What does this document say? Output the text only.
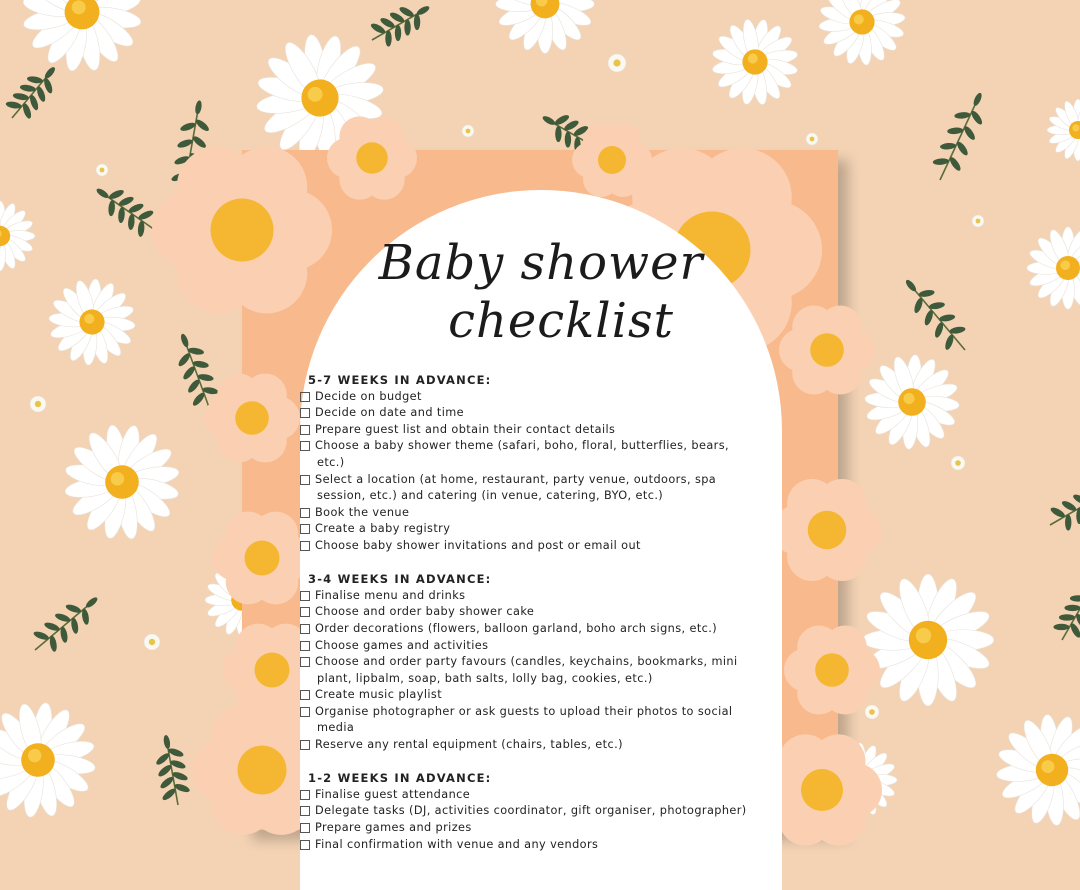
Baby shower
checklist
5-7 WEEKS IN ADVANCE:
Decide on budget
Decide on date and time
Prepare guest list and obtain their contact details
Choose a baby shower theme (safari, boho, floral, butterflies, bears, etc.)
Select a location (at home, restaurant, party venue, outdoors, spa session, etc.) and catering (in venue, catering, BYO, etc.)
Book the venue
Create a baby registry
Choose baby shower invitations and post or email out
3-4 WEEKS IN ADVANCE:
Finalise menu and drinks
Choose and order baby shower cake
Order decorations (flowers, balloon garland, boho arch signs, etc.)
Choose games and activities
Choose and order party favours (candles, keychains, bookmarks, mini plant, lipbalm, soap, bath salts, lolly bag, cookies, etc.)
Create music playlist
Organise photographer or ask guests to upload their photos to social media
Reserve any rental equipment (chairs, tables, etc.)
1-2 WEEKS IN ADVANCE:
Finalise guest attendance
Delegate tasks (DJ, activities coordinator, gift organiser, photographer)
Prepare games and prizes
Final confirmation with venue and any vendors
